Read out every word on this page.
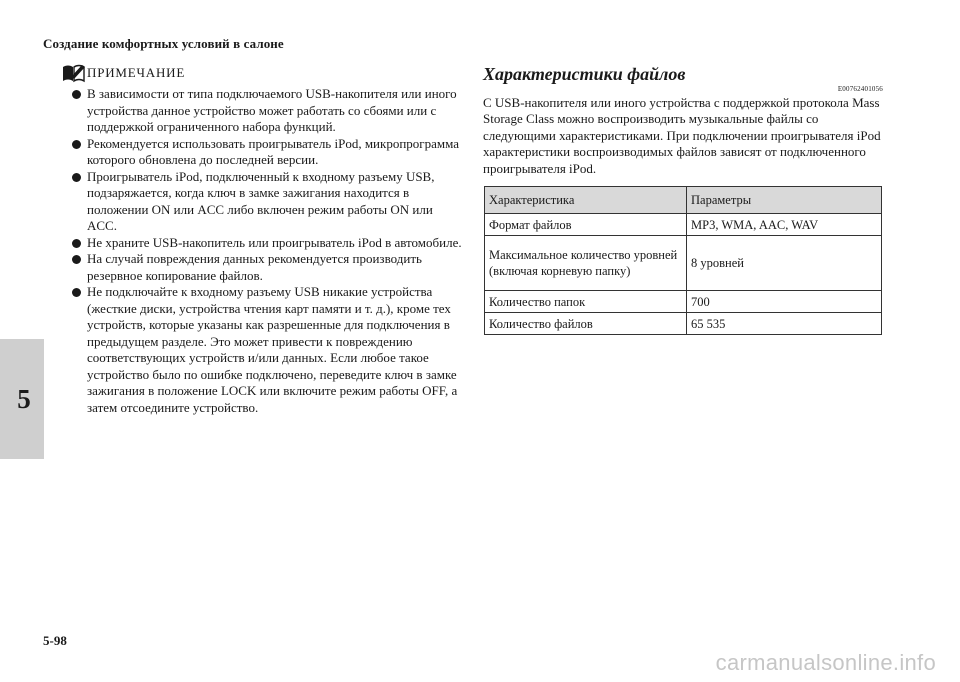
Создание комфортных условий в салоне
5
ПРИМЕЧАНИЕ
В зависимости от типа подключаемого USB-накопителя или иного устройства данное устройство может работать со сбоями или с поддержкой ограниченного набора функций.
Рекомендуется использовать проигрыватель iPod, микропрограмма которого обновлена до последней версии.
Проигрыватель iPod, подключенный к входному разъему USB, подзаряжается, когда ключ в замке зажигания находится в положении ON или ACC либо включен режим работы ON или ACC.
Не храните USB-накопитель или проигрыватель iPod в автомобиле.
На случай повреждения данных рекомендуется производить резервное копирование файлов.
Не подключайте к входному разъему USB никакие устройства (жесткие диски, устройства чтения карт памяти и т. д.), кроме тех устройств, которые указаны как разрешенные для подключения в предыдущем разделе. Это может привести к повреждению соответствующих устройств и/или данных. Если любое такое устройство было по ошибке подключено, переведите ключ в замке зажигания в положение LOCK или включите режим работы OFF, а затем отсоедините устройство.
Характеристики файлов
E00762401056
С USB-накопителя или иного устройства с поддержкой протокола Mass Storage Class можно воспроизводить музыкальные файлы со следующими характеристиками. При подключении проигрывателя iPod характеристики воспроизводимых файлов зависят от подключенного проигрывателя iPod.
Характеристика	Параметры
Формат файлов	MP3, WMA, AAC, WAV
Максимальное количество уровней (включая корневую папку)	8 уровней
Количество папок	700
Количество файлов	65 535
5-98
carmanualsonline.info
